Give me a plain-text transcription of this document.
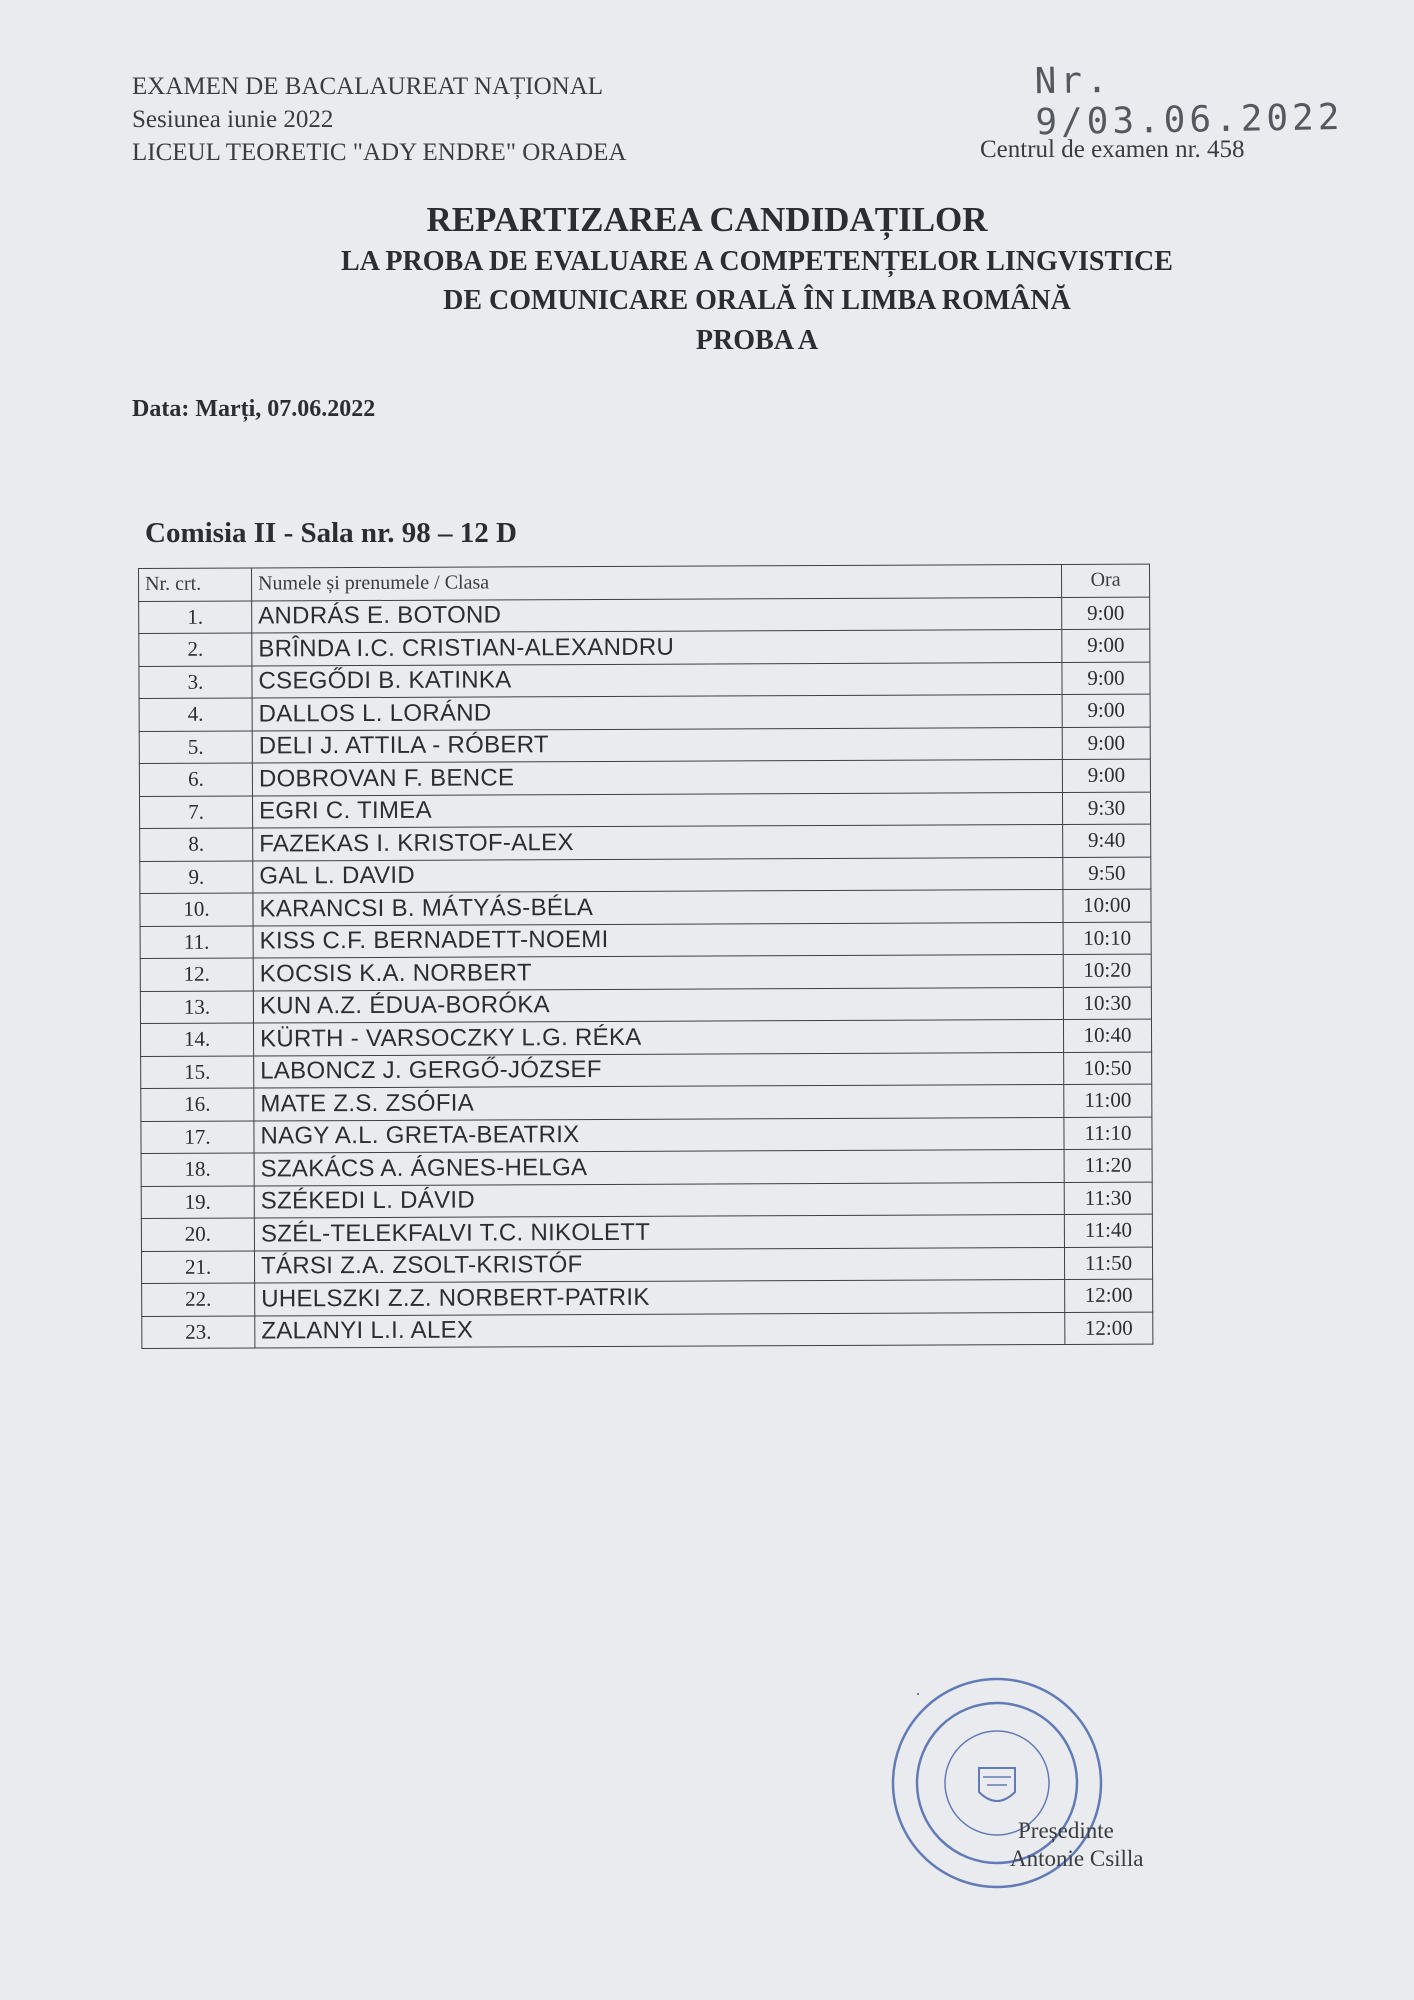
EXAMEN DE BACALAUREAT NAȚIONAL
Sesiunea iunie 2022
LICEUL TEORETIC "ADY ENDRE" ORADEA	Centrul de examen nr. 458
Nr. 9/03.06.2022
REPARTIZAREA CANDIDAȚILOR
LA PROBA DE EVALUARE A COMPETENȚELOR LINGVISTICE
DE COMUNICARE ORALĂ ÎN LIMBA ROMÂNĂ
PROBA A
Data: Marți, 07.06.2022
Comisia II - Sala nr. 98 – 12 D
Nr. crt.	Numele și prenumele / Clasa	Ora
1.	ANDRÁS E. BOTOND	9:00
2.	BRÎNDA I.C. CRISTIAN-ALEXANDRU	9:00
3.	CSEGŐDI B. KATINKA	9:00
4.	DALLOS L. LORÁND	9:00
5.	DELI J. ATTILA - RÓBERT	9:00
6.	DOBROVAN F. BENCE	9:00
7.	EGRI C. TIMEA	9:30
8.	FAZEKAS I. KRISTOF-ALEX	9:40
9.	GAL L. DAVID	9:50
10.	KARANCSI B. MÁTYÁS-BÉLA	10:00
11.	KISS C.F. BERNADETT-NOEMI	10:10
12.	KOCSIS K.A. NORBERT	10:20
13.	KUN A.Z. ÉDUA-BORÓKA	10:30
14.	KÜRTH - VARSOCZKY L.G. RÉKA	10:40
15.	LABONCZ J. GERGŐ-JÓZSEF	10:50
16.	MATE Z.S. ZSÓFIA	11:00
17.	NAGY A.L. GRETA-BEATRIX	11:10
18.	SZAKÁCS A. ÁGNES-HELGA	11:20
19.	SZÉKEDI L. DÁVID	11:30
20.	SZÉL-TELEKFALVI T.C. NIKOLETT	11:40
21.	TÁRSI Z.A. ZSOLT-KRISTÓF	11:50
22.	UHELSZKI Z.Z. NORBERT-PATRIK	12:00
23.	ZALANYI L.I. ALEX	12:00
Președinte
Antonie Csilla
